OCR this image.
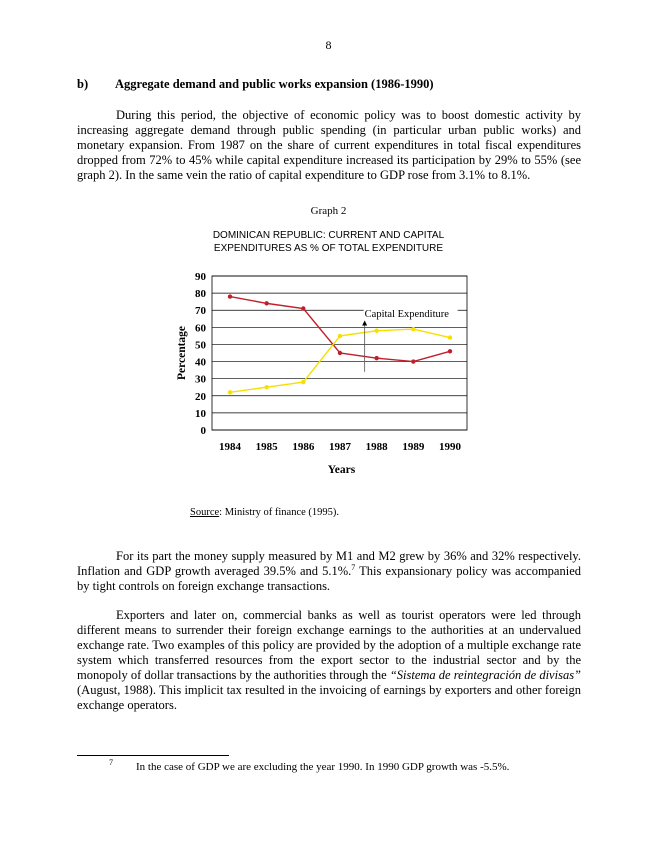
8
b) Aggregate demand and public works expansion (1986-1990)

During this period, the objective of economic policy was to boost domestic activity by increasing aggregate demand through public spending (in particular urban public works) and monetary expansion. From 1987 on the share of current expenditures in total fiscal expenditures dropped from 72% to 45% while capital expenditure increased its participation by 29% to 55% (see graph 2). In the same vein the ratio of capital expenditure to GDP rose from 3.1% to 8.1%.

Graph 2
DOMINICAN REPUBLIC: CURRENT AND CAPITAL
EXPENDITURES AS % OF TOTAL EXPENDITURE
0
10
20
30
40
50
60
70
80
90
1984 1985 1986 1987 1988 1989 1990
Years
Percentage
Capital Expenditure
Source: Ministry of finance (1995).

For its part the money supply measured by M1 and M2 grew by 36% and 32% respectively. Inflation and GDP growth averaged 39.5% and 5.1%.$^7$ This expansionary policy was accompanied by tight controls on foreign exchange transactions.

Exporters and later on, commercial banks as well as tourist operators were led through different means to surrender their foreign exchange earnings to the authorities at an undervalued exchange rate. Two examples of this policy are provided by the adoption of a multiple exchange rate system which transferred resources from the export sector to the industrial sector and by the monopoly of dollar transactions by the authorities through the “Sistema de reintegración de divisas” (August, 1988). This implicit tax resulted in the invoicing of earnings by exporters and other foreign exchange operators.

7 In the case of GDP we are excluding the year 1990. In 1990 GDP growth was -5.5%.
